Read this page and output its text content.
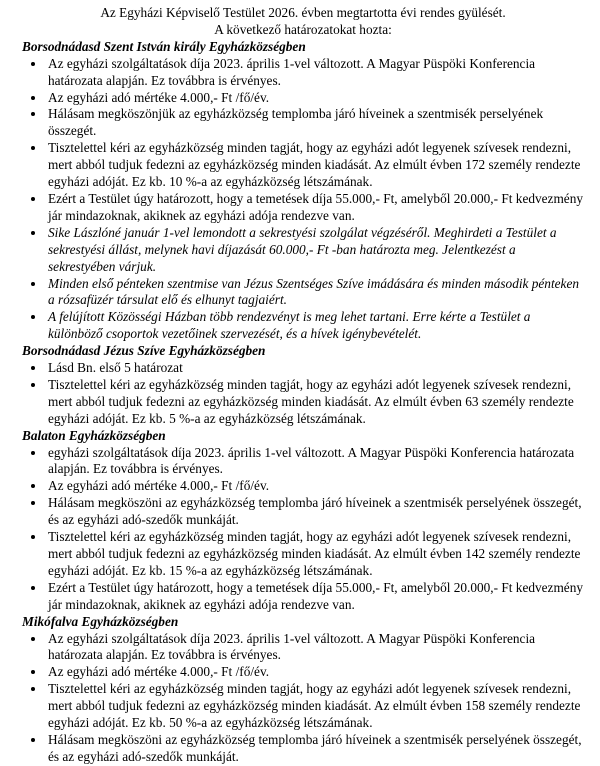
Az Egyházi Képviselő Testület 2026. évben megtartotta évi rendes gyülését.
A következő határozatokat hozta:
Borsodnádasd Szent István király Egyházközségben
• Az egyházi szolgáltatások díja 2023. április 1-vel változott. A Magyar Püspöki Konferencia határozata alapján. Ez továbbra is érvényes.
• Az egyházi adó mértéke 4.000,- Ft /fő/év.
• Hálásam megköszönjük az egyházközség templomba járó híveinek a szentmisék perselyének összegét.
• Tisztelettel kéri az egyházközség minden tagját, hogy az egyházi adót legyenek szívesek rendezni, mert abból tudjuk fedezni az egyházközség minden kiadását. Az elmúlt évben 172 személy rendezte egyházi adóját. Ez kb. 10 %-a az egyházközség létszámának.
• Ezért a Testület úgy határozott, hogy a temetések díja 55.000,- Ft, amelyből 20.000,- Ft kedvezmény jár mindazoknak, akiknek az egyházi adója rendezve van.
• Sike Lászlóné január 1-vel lemondott a sekrestyési szolgálat végzéséről. Meghirdeti a Testület a sekrestyési állást, melynek havi díjazását 60.000,- Ft -ban határozta meg. Jelentkezést a sekrestyében várjuk.
• Minden első pénteken szentmise van Jézus Szentséges Szíve imádására és minden második pénteken a rózsafüzér társulat elő és elhunyt tagjaiért.
• A felújított Közösségi Házban több rendezvényt is meg lehet tartani. Erre kérte a Testület a különböző csoportok vezetőinek szervezését, és a hívek igénybevételét.
Borsodnádasd Jézus Szíve Egyházközségben
• Lásd Bn. első 5 határozat
• Tisztelettel kéri az egyházközség minden tagját, hogy az egyházi adót legyenek szívesek rendezni, mert abból tudjuk fedezni az egyházközség minden kiadását. Az elmúlt évben 63 személy rendezte egyházi adóját. Ez kb. 5 %-a az egyházközség létszámának.
Balaton Egyházközségben
• egyházi szolgáltatások díja 2023. április 1-vel változott. A Magyar Püspöki Konferencia határozata alapján. Ez továbbra is érvényes.
• Az egyházi adó mértéke 4.000,- Ft /fő/év.
• Hálásam megköszöni az egyházközség templomba járó híveinek a szentmisék perselyének összegét, és az egyházi adó-szedők munkáját.
• Tisztelettel kéri az egyházközség minden tagját, hogy az egyházi adót legyenek szívesek rendezni, mert abból tudjuk fedezni az egyházközség minden kiadását. Az elmúlt évben 142 személy rendezte egyházi adóját. Ez kb. 15 %-a az egyházközség létszámának.
• Ezért a Testület úgy határozott, hogy a temetések díja 55.000,- Ft, amelyből 20.000,- Ft kedvezmény jár mindazoknak, akiknek az egyházi adója rendezve van.
Mikófalva Egyházközségben
• Az egyházi szolgáltatások díja 2023. április 1-vel változott. A Magyar Püspöki Konferencia határozata alapján. Ez továbbra is érvényes.
• Az egyházi adó mértéke 4.000,- Ft /fő/év.
• Tisztelettel kéri az egyházközség minden tagját, hogy az egyházi adót legyenek szívesek rendezni, mert abból tudjuk fedezni az egyházközség minden kiadását. Az elmúlt évben 158 személy rendezte egyházi adóját. Ez kb. 50 %-a az egyházközség létszámának.
• Hálásam megköszöni az egyházközség templomba járó híveinek a szentmisék perselyének összegét, és az egyházi adó-szedők munkáját.
